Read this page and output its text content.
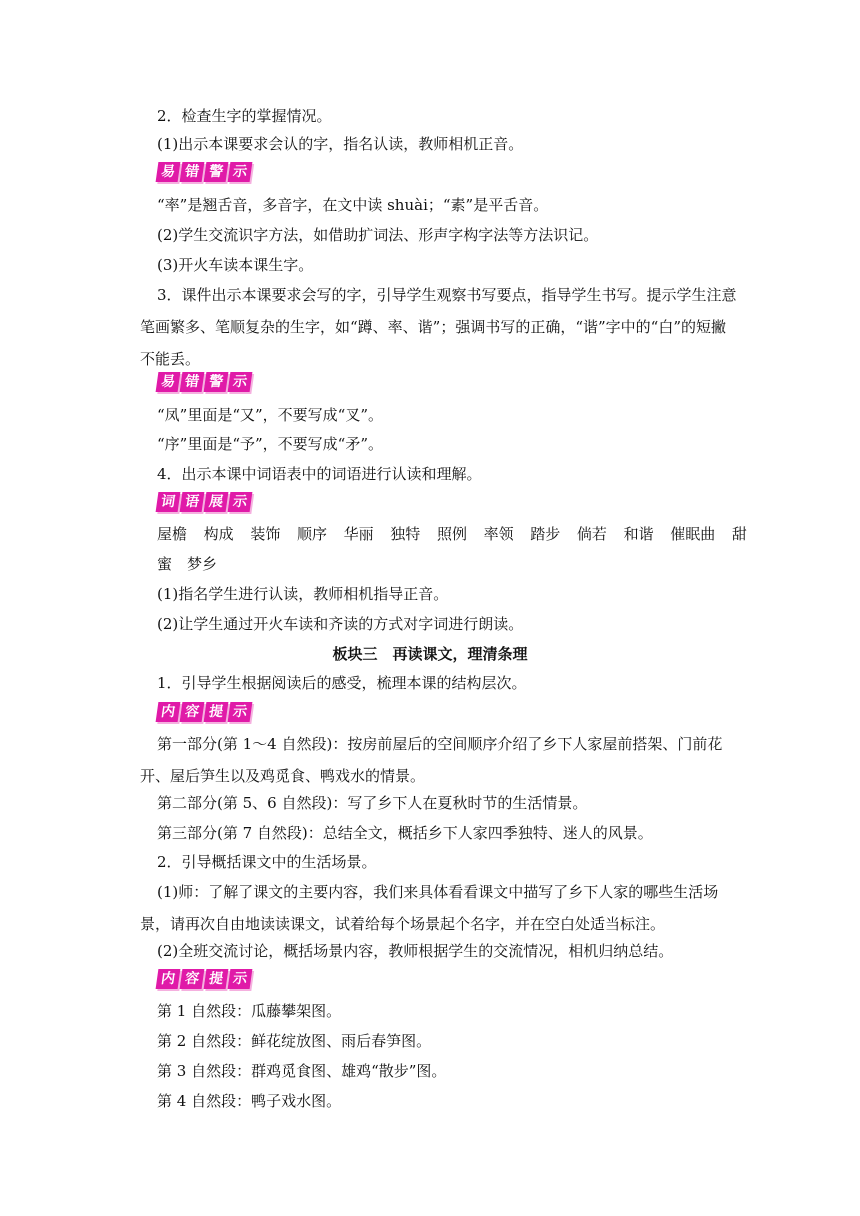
2．检查生字的掌握情况。
(1)出示本课要求会认的字，指名认读，教师相机正音。
易 错 警 示
“率”是翘舌音，多音字，在文中读 shuài；“素”是平舌音。
(2)学生交流识字方法，如借助扩词法、形声字构字法等方法识记。
(3)开火车读本课生字。
3．课件出示本课要求会写的字，引导学生观察书写要点，指导学生书写。提示学生注意笔画繁多、笔顺复杂的生字，如“蹲、率、谐”；强调书写的正确，“谐”字中的“白”的短撇不能丢。
易 错 警 示
“凤”里面是“又”，不要写成“叉”。
“序”里面是“予”，不要写成“矛”。
4．出示本课中词语表中的词语进行认读和理解。
词 语 展 示
屋檐 构成 装饰 顺序 华丽 独特 照例 率领 踏步 倘若 和谐 催眠曲 甜
蜜　梦乡
(1)指名学生进行认读，教师相机指导正音。
(2)让学生通过开火车读和齐读的方式对字词进行朗读。
板块三　再读课文，理清条理
1．引导学生根据阅读后的感受，梳理本课的结构层次。
内 容 提 示
第一部分(第 1～4 自然段)：按房前屋后的空间顺序介绍了乡下人家屋前搭架、门前花开、屋后笋生以及鸡觅食、鸭戏水的情景。
第二部分(第 5、6 自然段)：写了乡下人在夏秋时节的生活情景。
第三部分(第 7 自然段)：总结全文，概括乡下人家四季独特、迷人的风景。
2．引导概括课文中的生活场景。
(1)师：了解了课文的主要内容，我们来具体看看课文中描写了乡下人家的哪些生活场景，请再次自由地读读课文，试着给每个场景起个名字，并在空白处适当标注。
(2)全班交流讨论，概括场景内容，教师根据学生的交流情况，相机归纳总结。
内 容 提 示
第 1 自然段：瓜藤攀架图。
第 2 自然段：鲜花绽放图、雨后春笋图。
第 3 自然段：群鸡觅食图、雄鸡“散步”图。
第 4 自然段：鸭子戏水图。
